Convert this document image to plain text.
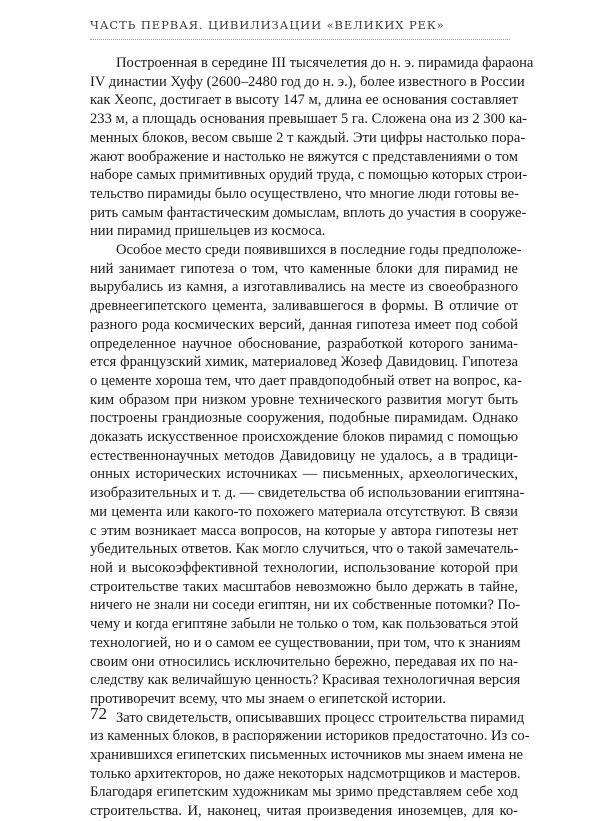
ЧАСТЬ ПЕРВАЯ. ЦИВИЛИЗАЦИИ «ВЕЛИКИХ РЕК»

Построенная в середине III тысячелетия до н. э. пирамида фараона
IV династии Хуфу (2600–2480 год до н. э.), более известного в России
как Хеопс, достигает в высоту 147 м, длина ее основания составляет
233 м, а площадь основания превышает 5 га. Сложена она из 2 300 ка-
менных блоков, весом свыше 2 т каждый. Эти цифры настолько пора-
жают воображение и настолько не вяжутся с представлениями о том
наборе самых примитивных орудий труда, с помощью которых строи-
тельство пирамиды было осуществлено, что многие люди готовы ве-
рить самым фантастическим домыслам, вплоть до участия в сооруже-
нии пирамид пришельцев из космоса.

Особое место среди появившихся в последние годы предположе-
ний занимает гипотеза о том, что каменные блоки для пирамид не
вырубались из камня, а изготавливались на месте из своеобразного
древнеегипетского цемента, заливавшегося в формы. В отличие от
разного рода космических версий, данная гипотеза имеет под собой
определенное научное обоснование, разработкой которого занима-
ется французский химик, материаловед Жозеф Давидовиц. Гипотеза
о цементе хороша тем, что дает правдоподобный ответ на вопрос, ка-
ким образом при низком уровне технического развития могут быть
построены грандиозные сооружения, подобные пирамидам. Однако
доказать искусственное происхождение блоков пирамид с помощью
естественнонаучных методов Давидовицу не удалось, а в традици-
онных исторических источниках — письменных, археологических,
изобразительных и т. д. — свидетельства об использовании египтяна-
ми цемента или какого-то похожего материала отсутствуют. В связи
с этим возникает масса вопросов, на которые у автора гипотезы нет
убедительных ответов. Как могло случиться, что о такой замечатель-
ной и высокоэффективной технологии, использование которой при
строительстве таких масштабов невозможно было держать в тайне,
ничего не знали ни соседи египтян, ни их собственные потомки? По-
чему и когда египтяне забыли не только о том, как пользоваться этой
технологией, но и о самом ее существовании, при том, что к знаниям
своим они относились исключительно бережно, передавая их по на-
следству как величайшую ценность? Красивая технологичная версия
противоречит всему, что мы знаем о египетской истории.

Зато свидетельств, описывавших процесс строительства пирамид
из каменных блоков, в распоряжении историков предостаточно. Из со-
хранившихся египетских письменных источников мы знаем имена не
только архитекторов, но даже некоторых надсмотрщиков и мастеров.
Благодаря египетским художникам мы зримо представляем себе ход
строительства. И, наконец, читая произведения иноземцев, для ко-

72
